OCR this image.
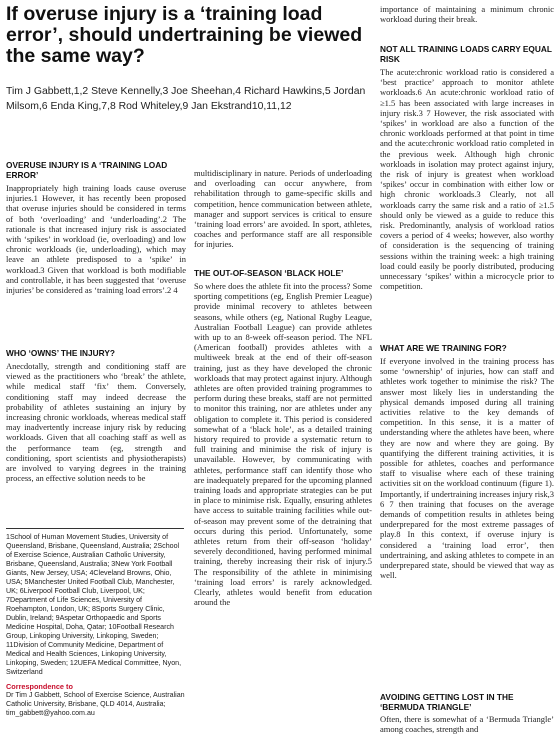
If overuse injury is a ‘training load error’, should undertraining be viewed the same way?
Tim J Gabbett,1,2 Steve Kennelly,3 Joe Sheehan,4 Richard Hawkins,5 Jordan Milsom,6 Enda King,7,8 Rod Whiteley,9 Jan Ekstrand10,11,12
OVERUSE INJURY IS A ‘TRAINING LOAD ERROR’
Inappropriately high training loads cause overuse injuries.1 However, it has recently been proposed that overuse injuries should be considered in terms of both ‘overloading’ and ‘underloading’.2 The rationale is that increased injury risk is associated with ‘spikes’ in workload (ie, overloading) and low chronic workloads (ie, underloading), which may leave an athlete predisposed to a ‘spike’ in workload.3 Given that workload is both modifiable and controllable, it has been suggested that ‘overuse injuries’ be considered as ‘training load errors’.2 4
WHO ‘OWNS’ THE INJURY?
Anecdotally, strength and conditioning staff are viewed as the practitioners who ‘break’ the athlete, while medical staff ‘fix’ them. Conversely, conditioning staff may indeed decrease the probability of athletes sustaining an injury by increasing chronic workloads, whereas medical staff may inadvertently increase injury risk by reducing workloads. Given that all coaching staff as well as the performance team (eg, strength and conditioning, sport scientists and physiotherapists) are involved to varying degrees in the training process, an effective solution needs to be
1School of Human Movement Studies, University of Queensland, Brisbane, Queensland, Australia; 2School of Exercise Science, Australian Catholic University, Brisbane, Queensland, Australia; 3New York Football Giants, New Jersey, USA; 4Cleveland Browns, Ohio, USA; 5Manchester United Football Club, Manchester, UK; 6Liverpool Football Club, Liverpool, UK; 7Department of Life Sciences, University of Roehampton, London, UK; 8Sports Surgery Clinic, Dublin, Ireland; 9Aspetar Orthopaedic and Sports Medicine Hospital, Doha, Qatar; 10Football Research Group, Linkoping University, Linkoping, Sweden; 11Division of Community Medicine, Department of Medical and Health Sciences, Linkoping University, Linkoping, Sweden; 12UEFA Medical Committee, Nyon, Switzerland
Correspondence to
Dr Tim J Gabbett, School of Exercise Science, Australian Catholic University, Brisbane, QLD 4014, Australia; tim_gabbett@yahoo.com.au
multidisciplinary in nature. Periods of underloading and overloading can occur anywhere, from rehabilitation through to game-specific skills and competition, hence communication between athlete, manager and support services is critical to ensure ‘training load errors’ are avoided. In sport, athletes, coaches and performance staff are all responsible for injuries.
THE OUT-OF-SEASON ‘BLACK HOLE’
So where does the athlete fit into the process? Some sporting competitions (eg, English Premier League) provide minimal recovery to athletes between seasons, while others (eg, National Rugby League, Australian Football League) can provide athletes with up to an 8-week off-season period. The NFL (American football) provides athletes with a multiweek break at the end of their off-season training, just as they have developed the chronic workloads that may protect against injury. Although athletes are often provided training programmes to perform during these breaks, staff are not permitted to monitor this training, nor are athletes under any obligation to complete it. This period is considered somewhat of a ‘black hole’, as a detailed training history required to provide a systematic return to full training and minimise the risk of injury is unavailable. However, by communicating with athletes, performance staff can identify those who are inadequately prepared for the upcoming planned training loads and appropriate strategies can be put in place to minimise risk. Equally, ensuring athletes have access to suitable training facilities while out-of-season may prevent some of the detraining that occurs during this period. Unfortunately, some athletes return from their off-season ‘holiday’ severely deconditioned, having performed minimal training, thereby increasing their risk of injury.5 The responsibility of the athlete in minimising ‘training load errors’ is rarely acknowledged. Clearly, athletes would benefit from education around the
importance of maintaining a minimum chronic workload during their break.
NOT ALL TRAINING LOADS CARRY EQUAL RISK
The acute:chronic workload ratio is considered a ‘best practice’ approach to monitor athlete workloads.6 An acute:chronic workload ratio of ≥1.5 has been associated with large increases in injury risk.3 7 However, the risk associated with ‘spikes’ in workload are also a function of the chronic workloads performed at that point in time and the acute:chronic workload ratio completed in the previous week. Although high chronic workloads in isolation may protect against injury, the risk of injury is greatest when workload ‘spikes’ occur in combination with either low or high chronic workloads.3 Clearly, not all workloads carry the same risk and a ratio of ≥1.5 should only be viewed as a guide to reduce this risk. Predominantly, analysis of workload ratios covers a period of 4 weeks; however, also worthy of consideration is the sequencing of training sessions within the training week: a high training load could easily be poorly distributed, producing unnecessary ‘spikes’ within a microcycle prior to competition.
WHAT ARE WE TRAINING FOR?
If everyone involved in the training process has some ‘ownership’ of injuries, how can staff and athletes work together to minimise the risk? The answer most likely lies in understanding the physical demands imposed during all training activities relative to the key demands of competition. In this sense, it is a matter of understanding where the athletes have been, where they are now and where they are going. By quantifying the different training activities, it is possible for athletes, coaches and performance staff to visualise where each of these training activities sit on the workload continuum (figure 1). Importantly, if undertraining increases injury risk,3 6 7 then training that focuses on the average demands of competition results in athletes being underprepared for the most extreme passages of play.8 In this context, if overuse injury is considered a ‘training load error’, then undertraining, and asking athletes to compete in an underprepared state, should be viewed that way as well.
AVOIDING GETTING LOST IN THE ‘BERMUDA TRIANGLE’
Often, there is somewhat of a ‘Bermuda Triangle’ among coaches, strength and
